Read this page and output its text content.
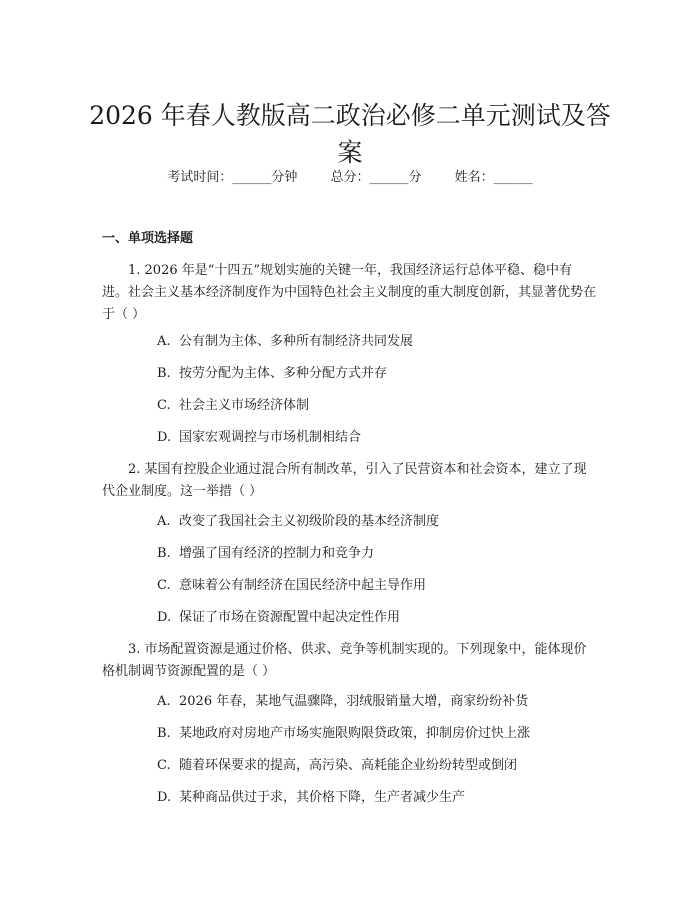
2026 年春人教版高二政治必修二单元测试及答案
考试时间：______分钟	总分：______分	姓名：______
一、单项选择题

1. 2026 年是“十四五”规划实施的关键一年，我国经济运行总体平稳、稳中有进。社会主义基本经济制度作为中国特色社会主义制度的重大制度创新，其显著优势在于（ ）

A. 公有制为主体、多种所有制经济共同发展
B. 按劳分配为主体、多种分配方式并存
C. 社会主义市场经济体制
D. 国家宏观调控与市场机制相结合

2. 某国有控股企业通过混合所有制改革，引入了民营资本和社会资本，建立了现代企业制度。这一举措（ ）

A. 改变了我国社会主义初级阶段的基本经济制度
B. 增强了国有经济的控制力和竞争力
C. 意味着公有制经济在国民经济中起主导作用
D. 保证了市场在资源配置中起决定性作用

3. 市场配置资源是通过价格、供求、竞争等机制实现的。下列现象中，能体现价格机制调节资源配置的是（ ）

A. 2026 年春，某地气温骤降，羽绒服销量大增，商家纷纷补货
B. 某地政府对房地产市场实施限购限贷政策，抑制房价过快上涨
C. 随着环保要求的提高，高污染、高耗能企业纷纷转型或倒闭
D. 某种商品供过于求，其价格下降，生产者减少生产
